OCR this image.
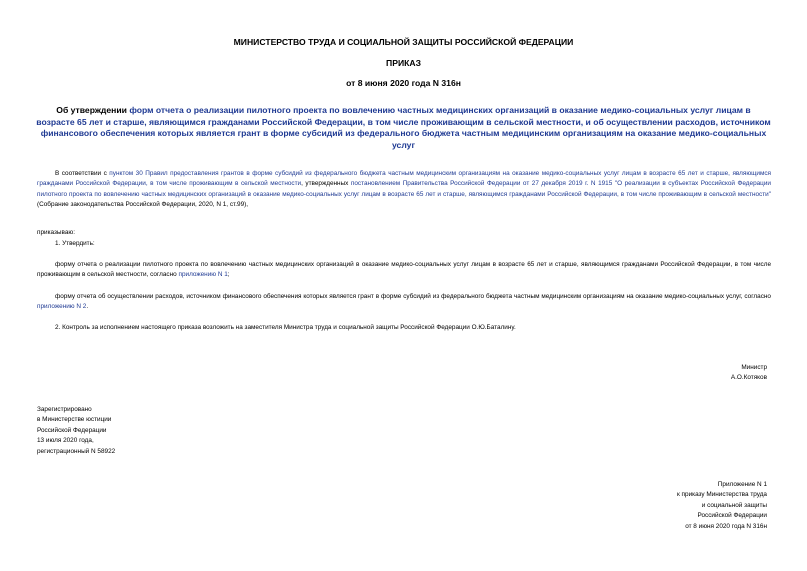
МИНИСТЕРСТВО ТРУДА И СОЦИАЛЬНОЙ ЗАЩИТЫ РОССИЙСКОЙ ФЕДЕРАЦИИ
ПРИКАЗ
от 8 июня 2020 года N 316н
Об утверждении форм отчета о реализации пилотного проекта по вовлечению частных медицинских организаций в оказание медико-социальных услуг лицам в возрасте 65 лет и старше, являющимся гражданами Российской Федерации, в том числе проживающим в сельской местности, и об осуществлении расходов, источником финансового обеспечения которых является грант в форме субсидий из федерального бюджета частным медицинским организациям на оказание медико-социальных услуг
В соответствии с пунктом 30 Правил предоставления грантов в форме субсидий из федерального бюджета частным медицинским организациям на оказание медико-социальных услуг лицам в возрасте 65 лет и старше, являющимся гражданами Российской Федерации, в том числе проживающим в сельской местности, утвержденных постановлением Правительства Российской Федерации от 27 декабря 2019 г. N 1915 "О реализации в субъектах Российской Федерации пилотного проекта по вовлечению частных медицинских организаций в оказание медико-социальных услуг лицам в возрасте 65 лет и старше, являющимся гражданами Российской Федерации, в том числе проживающим в сельской местности" (Собрание законодательства Российской Федерации, 2020, N 1, ст.99),
приказываю:
1. Утвердить:
форму отчета о реализации пилотного проекта по вовлечению частных медицинских организаций в оказание медико-социальных услуг лицам в возрасте 65 лет и старше, являющимся гражданами Российской Федерации, в том числе проживающим в сельской местности, согласно приложению N 1;
форму отчета об осуществлении расходов, источником финансового обеспечения которых является грант в форме субсидий из федерального бюджета частным медицинским организациям на оказание медико-социальных услуг, согласно приложению N 2.
2. Контроль за исполнением настоящего приказа возложить на заместителя Министра труда и социальной защиты Российской Федерации О.Ю.Баталину.
Министр
А.О.Котяков
Зарегистрировано
в Министерстве юстиции
Российской Федерации
13 июля 2020 года,
регистрационный N 58922
Приложение N 1
к приказу Министерства труда
и социальной защиты
Российской Федерации
от 8 июня 2020 года N 316н
